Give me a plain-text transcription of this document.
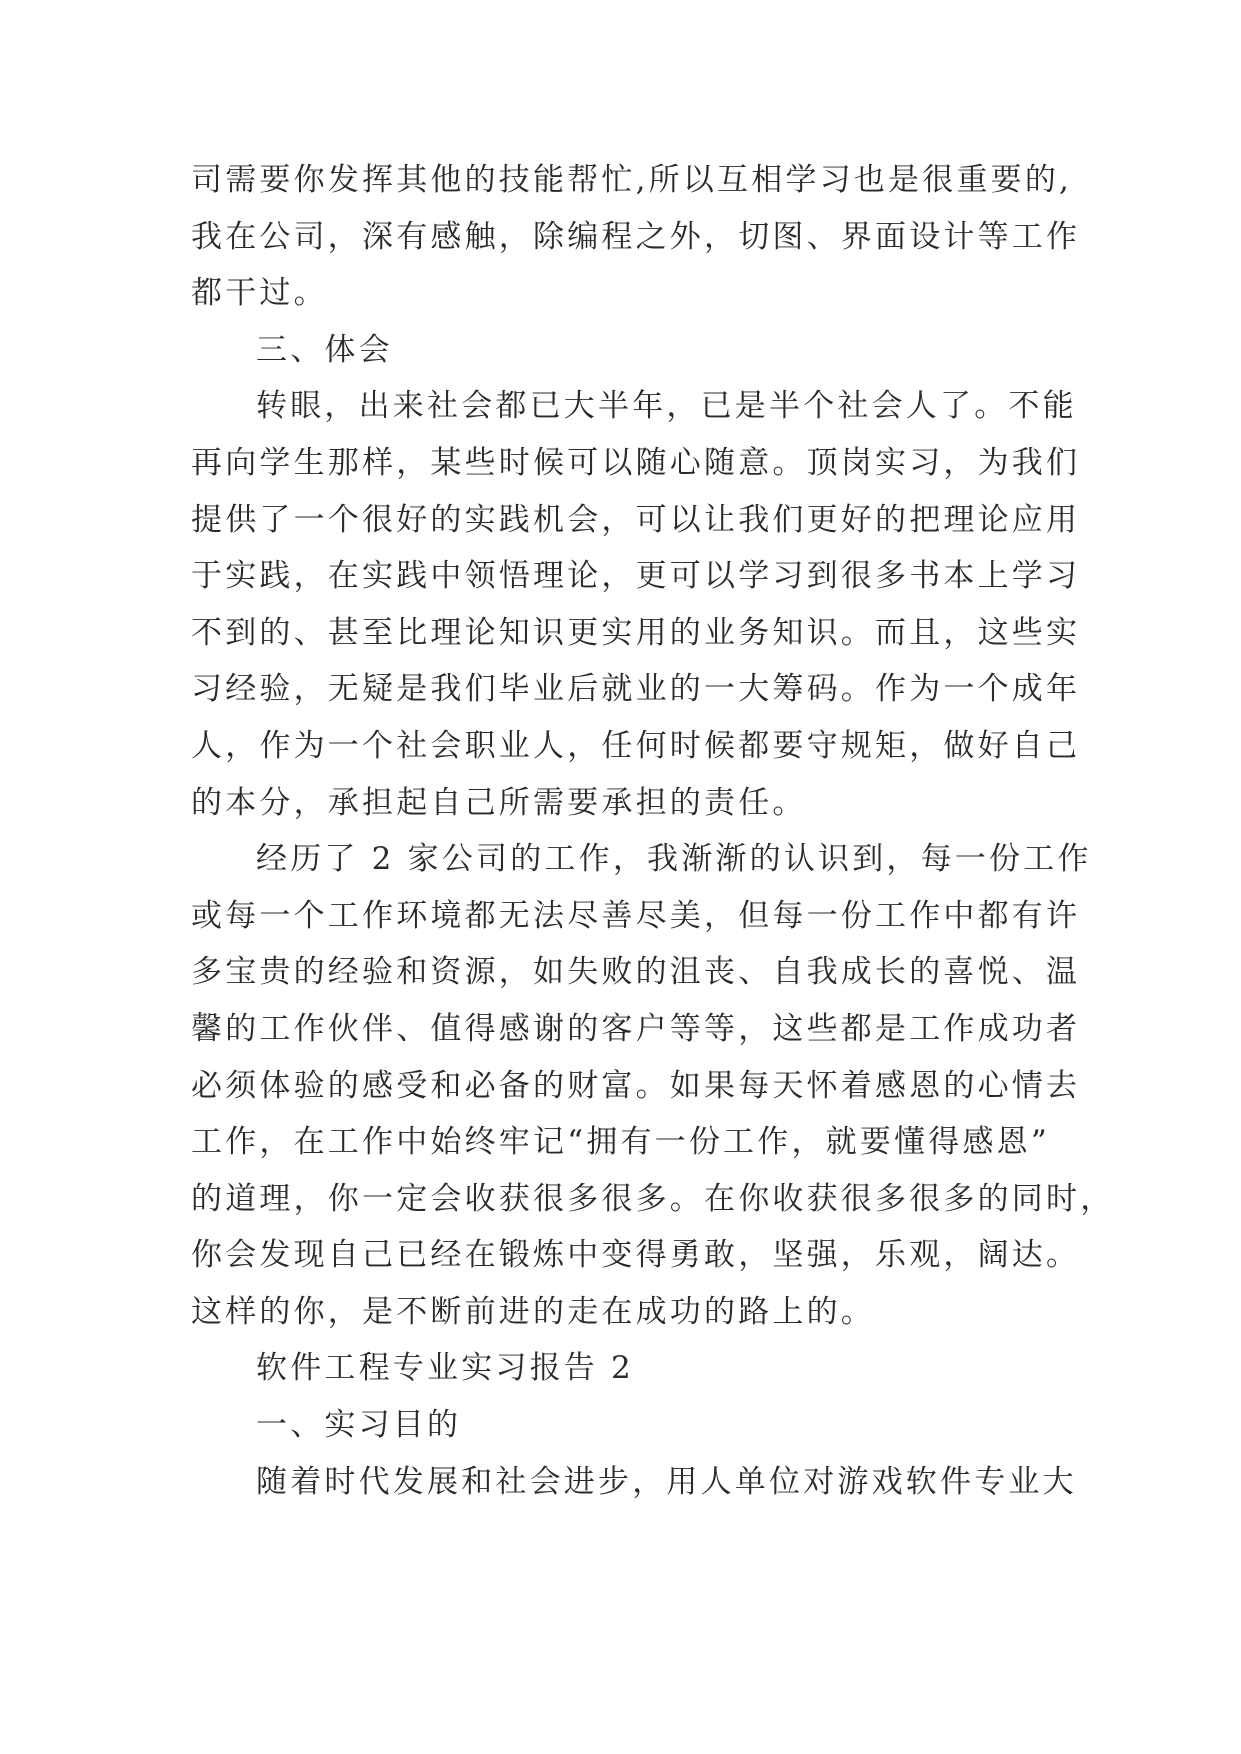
司需要你发挥其他的技能帮忙,所以互相学习也是很重要的,
我在公司，深有感触，除编程之外，切图、界面设计等工作
都干过。
三、体会
转眼，出来社会都已大半年，已是半个社会人了。不能
再向学生那样，某些时候可以随心随意。顶岗实习，为我们
提供了一个很好的实践机会，可以让我们更好的把理论应用
于实践，在实践中领悟理论，更可以学习到很多书本上学习
不到的、甚至比理论知识更实用的业务知识。而且，这些实
习经验，无疑是我们毕业后就业的一大筹码。作为一个成年
人，作为一个社会职业人，任何时候都要守规矩，做好自己
的本分，承担起自己所需要承担的责任。
经历了 2 家公司的工作，我渐渐的认识到，每一份工作
或每一个工作环境都无法尽善尽美，但每一份工作中都有许
多宝贵的经验和资源，如失败的沮丧、自我成长的喜悦、温
馨的工作伙伴、值得感谢的客户等等，这些都是工作成功者
必须体验的感受和必备的财富。如果每天怀着感恩的心情去
工作，在工作中始终牢记“拥有一份工作，就要懂得感恩”
的道理，你一定会收获很多很多。在你收获很多很多的同时，
你会发现自己已经在锻炼中变得勇敢，坚强，乐观，阔达。
这样的你，是不断前进的走在成功的路上的。
软件工程专业实习报告 2
一、实习目的
随着时代发展和社会进步，用人单位对游戏软件专业大
